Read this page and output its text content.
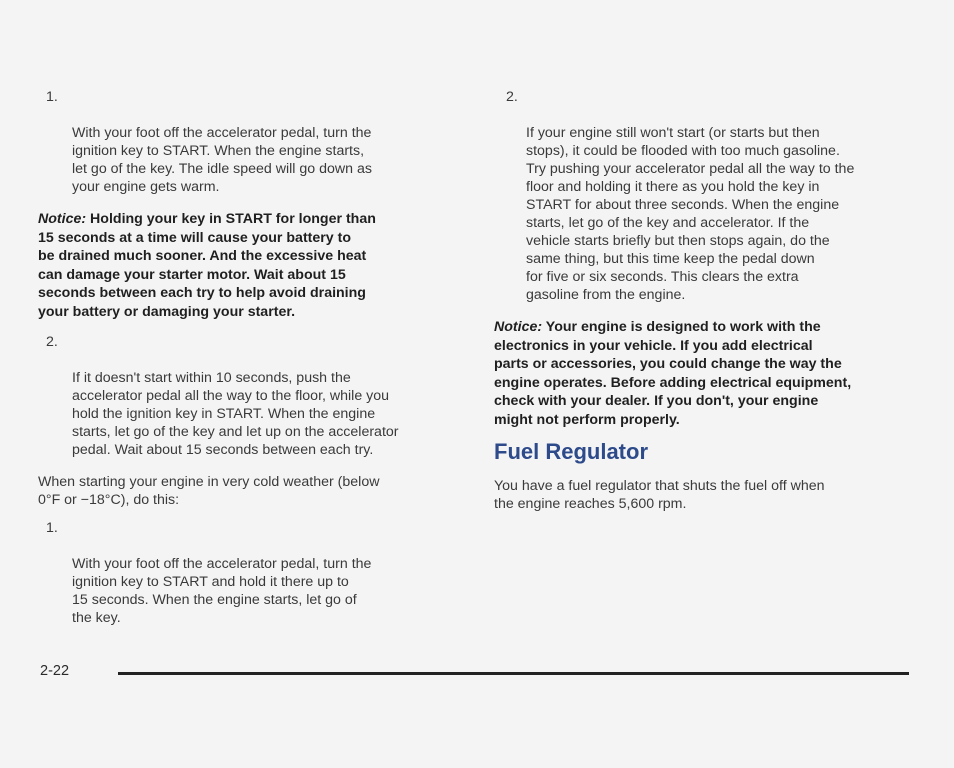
1.

With your foot off the accelerator pedal, turn the
ignition key to START. When the engine starts,
let go of the key. The idle speed will go down as
your engine gets warm.

Notice: Holding your key in START for longer than
15 seconds at a time will cause your battery to
be drained much sooner. And the excessive heat
can damage your starter motor. Wait about 15
seconds between each try to help avoid draining
your battery or damaging your starter.

2.

If it doesn't start within 10 seconds, push the
accelerator pedal all the way to the floor, while you
hold the ignition key in START. When the engine
starts, let go of the key and let up on the accelerator
pedal. Wait about 15 seconds between each try.

When starting your engine in very cold weather (below
0°F or −18°C), do this:

1.

With your foot off the accelerator pedal, turn the
ignition key to START and hold it there up to
15 seconds. When the engine starts, let go of
the key.

2.

If your engine still won't start (or starts but then
stops), it could be flooded with too much gasoline.
Try pushing your accelerator pedal all the way to the
floor and holding it there as you hold the key in
START for about three seconds. When the engine
starts, let go of the key and accelerator. If the
vehicle starts briefly but then stops again, do the
same thing, but this time keep the pedal down
for five or six seconds. This clears the extra
gasoline from the engine.

Notice: Your engine is designed to work with the
electronics in your vehicle. If you add electrical
parts or accessories, you could change the way the
engine operates. Before adding electrical equipment,
check with your dealer. If you don't, your engine
might not perform properly.

Fuel Regulator

You have a fuel regulator that shuts the fuel off when
the engine reaches 5,600 rpm.

2-22
